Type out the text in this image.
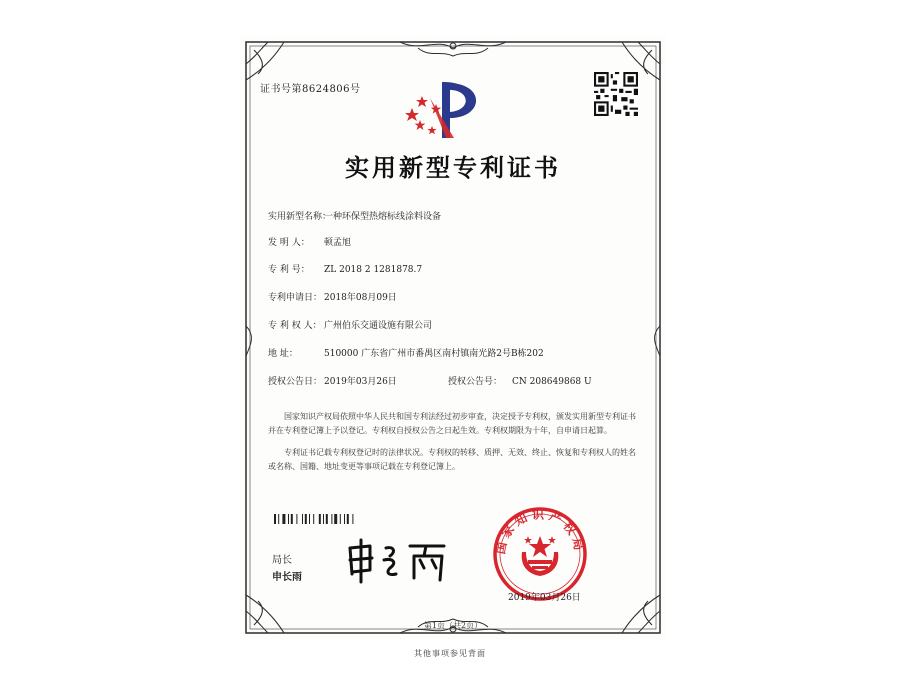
证书号第8624806号
实用新型专利证书
实用新型名称：一种环保型热熔标线涂料设备
发 明 人： 顿孟旭
专 利 号： ZL 2018 2 1281878.7
专利申请日： 2018年08月09日
专 利 权 人： 广州伯乐交通设施有限公司
地 址：	510000 广东省广州市番禺区南村镇南光路2号B栋202
授权公告日： 2019年03月26日	授权公告号： CN 208649868 U
国家知识产权局依照中华人民共和国专利法经过初步审查，决定授予专利权，颁发实用新型专利证书并在专利登记簿上予以登记。专利权自授权公告之日起生效。专利权期限为十年，自申请日起算。
专利证书记载专利权登记时的法律状况。专利权的转移、质押、无效、终止、恢复和专利权人的姓名或名称、国籍、地址变更等事项记载在专利登记簿上。
局长
申长雨
国家知识产权局
2019年03月26日
第1页（共2页）
其他事项参见背面
